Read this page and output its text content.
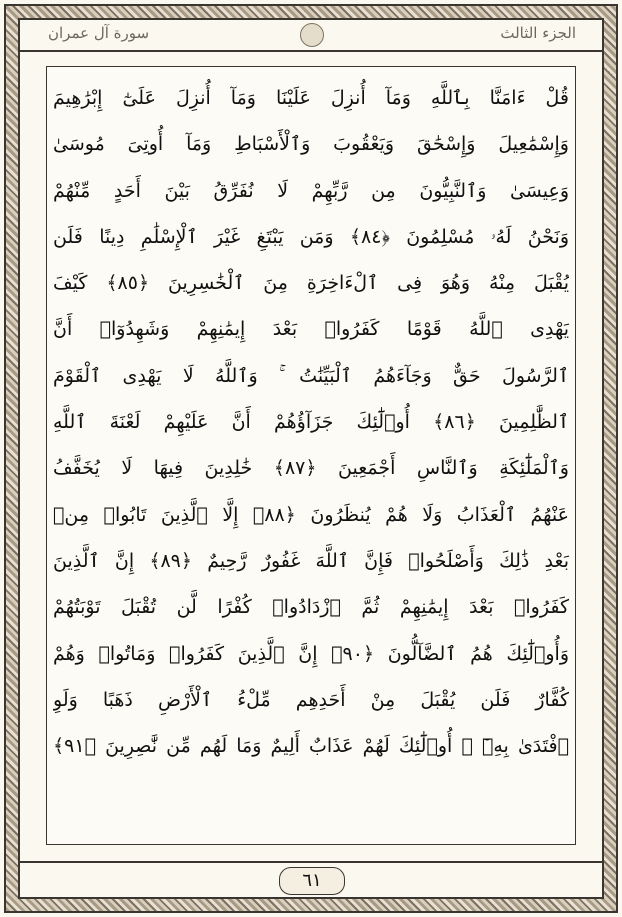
الجزء الثالث
سورة آل عمران
قُلْ ءَامَنَّا بِٱللَّهِ وَمَآ أُنزِلَ عَلَيْنَا وَمَآ أُنزِلَ عَلَىٰٓ إِبْرَٰهِيمَ
وَإِسْمَٰعِيلَ وَإِسْحَٰقَ وَيَعْقُوبَ وَٱلْأَسْبَاطِ وَمَآ أُوتِىَ مُوسَىٰ
وَعِيسَىٰ وَٱلنَّبِيُّونَ مِن رَّبِّهِمْ لَا نُفَرِّقُ بَيْنَ أَحَدٍ مِّنْهُمْ
وَنَحْنُ لَهُۥ مُسْلِمُونَ ﴿٨٤﴾ وَمَن يَبْتَغِ غَيْرَ ٱلْإِسْلَٰمِ دِينًا فَلَن
يُقْبَلَ مِنْهُ وَهُوَ فِى ٱلْءَاخِرَةِ مِنَ ٱلْخَٰسِرِينَ ﴿٨٥﴾ كَيْفَ
يَهْدِى ٱللَّهُ قَوْمًا كَفَرُوا۟ بَعْدَ إِيمَٰنِهِمْ وَشَهِدُوٓا۟ أَنَّ
ٱلرَّسُولَ حَقٌّ وَجَآءَهُمُ ٱلْبَيِّنَٰتُ ۚ وَٱللَّهُ لَا يَهْدِى ٱلْقَوْمَ
ٱلظَّٰلِمِينَ ﴿٨٦﴾ أُو۟لَٰٓئِكَ جَزَآؤُهُمْ أَنَّ عَلَيْهِمْ لَعْنَةَ ٱللَّهِ
وَٱلْمَلَٰٓئِكَةِ وَٱلنَّاسِ أَجْمَعِينَ ﴿٨٧﴾ خَٰلِدِينَ فِيهَا لَا يُخَفَّفُ
عَنْهُمُ ٱلْعَذَابُ وَلَا هُمْ يُنظَرُونَ ﴿٨٨﴾ إِلَّا ٱلَّذِينَ تَابُوا۟ مِنۢ
بَعْدِ ذَٰلِكَ وَأَصْلَحُوا۟ فَإِنَّ ٱللَّهَ غَفُورٌ رَّحِيمٌ ﴿٨٩﴾ إِنَّ ٱلَّذِينَ
كَفَرُوا۟ بَعْدَ إِيمَٰنِهِمْ ثُمَّ ٱزْدَادُوا۟ كُفْرًا لَّن تُقْبَلَ تَوْبَتُهُمْ
وَأُو۟لَٰٓئِكَ هُمُ ٱلضَّآلُّونَ ﴿٩٠﴾ إِنَّ ٱلَّذِينَ كَفَرُوا۟ وَمَاتُوا۟ وَهُمْ
كُفَّارٌ فَلَن يُقْبَلَ مِنْ أَحَدِهِم مِّلْءُ ٱلْأَرْضِ ذَهَبًا وَلَوِ
ٱفْتَدَىٰ بِهِۦٓ ۗ أُو۟لَٰٓئِكَ لَهُمْ عَذَابٌ أَلِيمٌ وَمَا لَهُم مِّن نَّٰصِرِينَ ﴿٩١﴾
٦١
